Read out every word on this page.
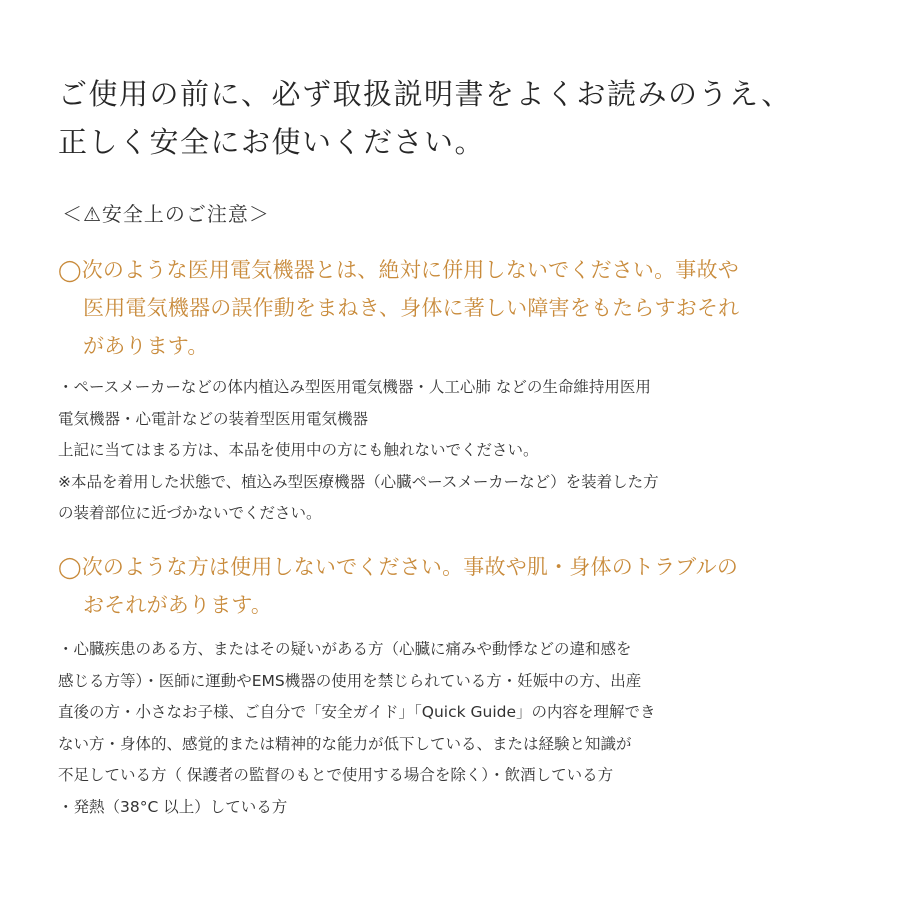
ご使用の前に、必ず取扱説明書をよくお読みのうえ、
正しく安全にお使いください。
＜⚠安全上のご注意＞

◯次のような医用電気機器とは、絶対に併用しないでください。事故や
医用電気機器の誤作動をまねき、身体に著しい障害をもたらすおそれ
があります。

・ペースメーカーなどの体内植込み型医用電気機器・人工心肺 などの生命維持用医用
電気機器・心電計などの装着型医用電気機器
上記に当てはまる方は、本品を使用中の方にも触れないでください。
※本品を着用した状態で、植込み型医療機器（心臓ペースメーカーなど）を装着した方
の装着部位に近づかないでください。

◯次のような方は使用しないでください。事故や肌・身体のトラブルの
おそれがあります。

・心臓疾患のある方、またはその疑いがある方（心臓に痛みや動悸などの違和感を
感じる方等）・医師に運動やEMS機器の使用を禁じられている方・妊娠中の方、出産
直後の方・小さなお子様、ご自分で「安全ガイド」「Quick Guide」の内容を理解でき
ない方・身体的、感覚的または精神的な能力が低下している、または経験と知識が
不足している方（ 保護者の監督のもとで使用する場合を除く）・飲酒している方
・発熱（38°C 以上）している方
